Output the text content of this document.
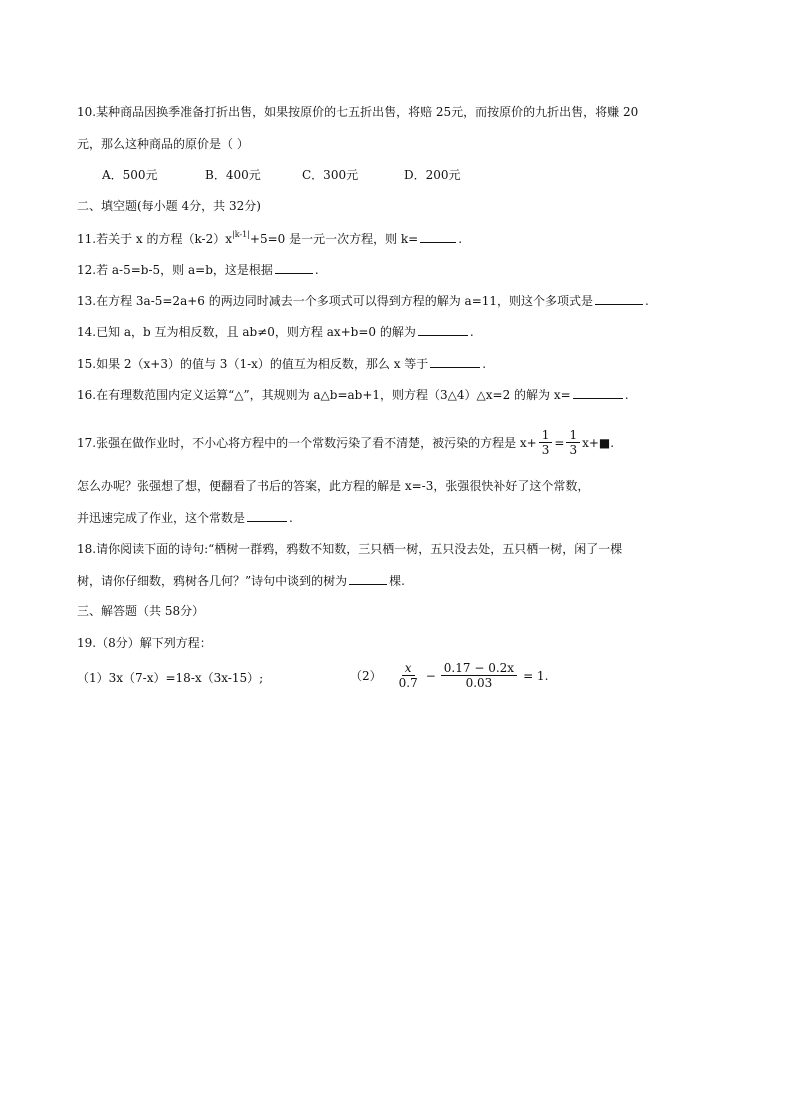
10.某种商品因换季准备打折出售，如果按原价的七五折出售，将赔 25元，而按原价的九折出售，将赚 20
元，那么这种商品的原价是（ ）
A．500元	B．400元	C．300元	D．200元
二、填空题(每小题 4分，共 32分)
11.若关于 x 的方程$(k-2)x^{|k-1|}+5=0$ 是一元一次方程，则 k=	.
12.若 a-5=b-5，则 a=b，这是根据	.
13.在方程 3a-5=2a+6 的两边同时减去一个多项式可以得到方程的解为 a=11，则这个多项式是	.
14.已知 a，b 互为相反数，且 ab≠0，则方程 ax+b=0 的解为	.
15.如果 2（x+3）的值与 3（1-x）的值互为相反数，那么 x 等于	.
16.在有理数范围内定义运算“△”，其规则为 a△b=ab+1，则方程（3△4）△x=2 的解为 x=	.
17.张强在做作业时，不小心将方程中的一个常数污染了看不清楚，被污染的方程是 $x+ \frac{1}{3} = \frac{1}{3}$ x+■.
怎么办呢？张强想了想，便翻看了书后的答案，此方程的解是 x=-3，张强很快补好了这个常数，
并迅速完成了作业，这个常数是	.
18.请你阅读下面的诗句:“栖树一群鸦，鸦数不知数，三只栖一树，五只没去处，五只栖一树，闲了一棵
树，请你仔细数，鸦树各几何？”诗句中谈到的树为	棵.
三、解答题（共 58分）
19.（8分）解下列方程：
（1）3x（7-x）=18-x（3x-15）;	$(2) \frac{x}{0.7} - \frac{0.17 - 0.2x}{0.03} = 1$.
